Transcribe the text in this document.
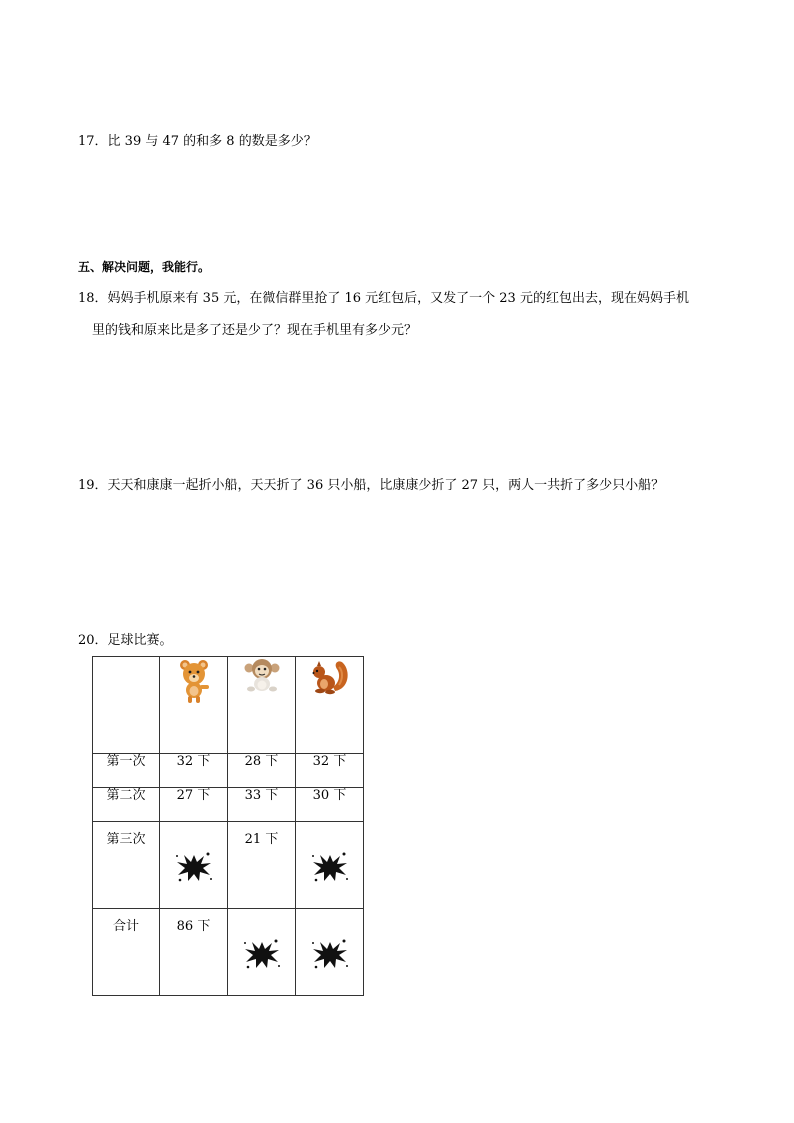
17．比 39 与 47 的和多 8 的数是多少？
五、解决问题，我能行。
18．妈妈手机原来有 35 元，在微信群里抢了 16 元红包后，又发了一个 23 元的红包出去，现在妈妈手机
里的钱和原来比是多了还是少了？现在手机里有多少元？
19．天天和康康一起折小船，天天折了 36 只小船，比康康少折了 27 只，两人一共折了多少只小船？
20．足球比赛。

第一次	32 下	28 下	32 下
第二次	27 下	33 下	30 下
第三次		21 下	

合计	86 下	
